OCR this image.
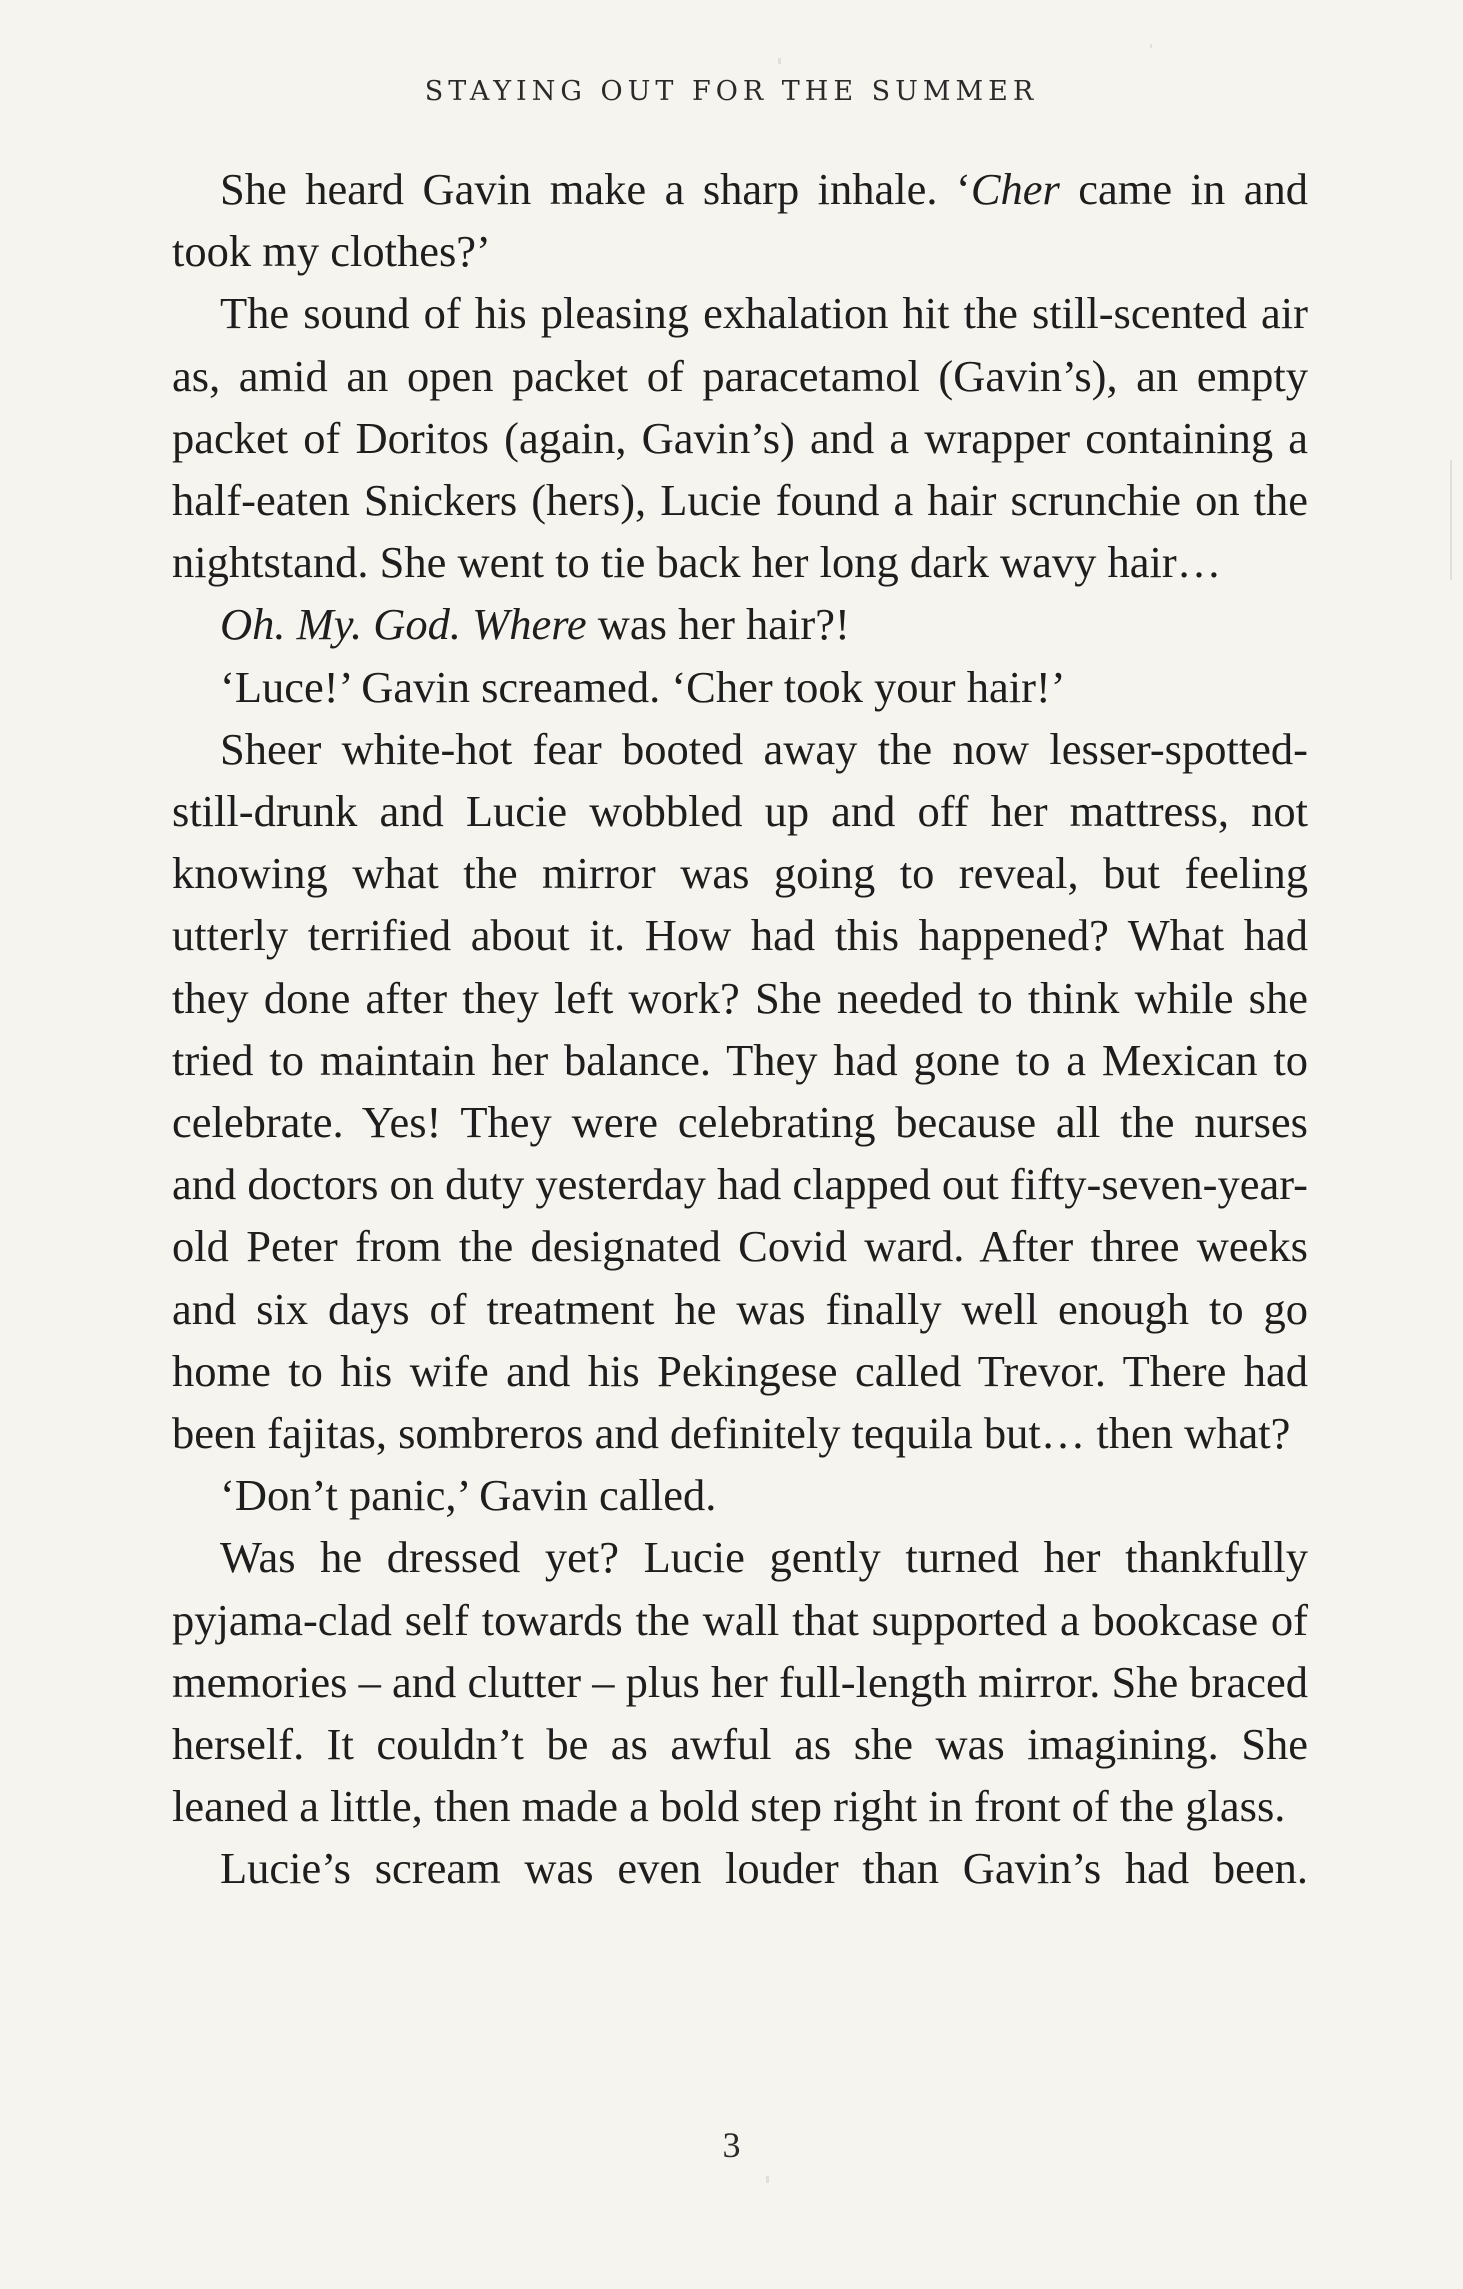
STAYING OUT FOR THE SUMMER

She heard Gavin make a sharp inhale. ‘Cher came in and took my clothes?’

The sound of his pleasing exhalation hit the still-scented air as, amid an open packet of paracetamol (Gavin’s), an empty packet of Doritos (again, Gavin’s) and a wrapper containing a half-eaten Snickers (hers), Lucie found a hair scrunchie on the nightstand. She went to tie back her long dark wavy hair…

Oh. My. God. Where was her hair?!

‘Luce!’ Gavin screamed. ‘Cher took your hair!’

Sheer white-hot fear booted away the now lesser-spotted-still-drunk and Lucie wobbled up and off her mattress, not knowing what the mirror was going to reveal, but feeling utterly terrified about it. How had this happened? What had they done after they left work? She needed to think while she tried to maintain her balance. They had gone to a Mexican to celebrate. Yes! They were celebrating because all the nurses and doctors on duty yesterday had clapped out fifty-seven-year-old Peter from the designated Covid ward. After three weeks and six days of treatment he was finally well enough to go home to his wife and his Pekingese called Trevor. There had been fajitas, sombreros and definitely tequila but… then what?

‘Don’t panic,’ Gavin called.

Was he dressed yet? Lucie gently turned her thankfully pyjama-clad self towards the wall that supported a bookcase of memories – and clutter – plus her full-length mirror. She braced herself. It couldn’t be as awful as she was imagining. She leaned a little, then made a bold step right in front of the glass.

Lucie’s scream was even louder than Gavin’s had been.

3
